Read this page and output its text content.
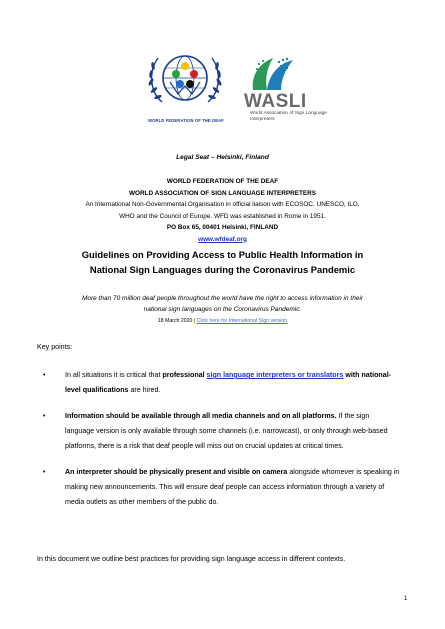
WORLD FEDERATION OF THE DEAF
WASLI
World Association of Sign Language Interpreters
Legal Seat – Helsinki, Finland
WORLD FEDERATION OF THE DEAF
WORLD ASSOCIATION OF SIGN LANGUAGE INTERPRETERS
An International Non-Governmental Organisation in official liaison with ECOSOC, UNESCO, ILO,
WHO and the Council of Europe. WFD was established in Rome in 1951.
PO Box 65, 00401 Helsinki, FINLAND
www.wfdeaf.org
Guidelines on Providing Access to Public Health Information in
National Sign Languages during the Coronavirus Pandemic
More than 70 million deaf people throughout the world have the right to access information in their
national sign languages on the Coronavirus Pandemic.
18 March 2020 | Click here for International Sign version
Key points:
•	In all situations it is critical that professional sign language interpreters or translators with national-level qualifications are hired.
•	Information should be available through all media channels and on all platforms. If the sign language version is only available through some channels (i.e. narrowcast), or only through web-based platforms, there is a risk that deaf people will miss out on crucial updates at critical times.
•	An interpreter should be physically present and visible on camera alongside whomever is speaking in making new announcements. This will ensure deaf people can access information through a variety of media outlets as other members of the public do.
In this document we outline best practices for providing sign language access in different contexts.
1
